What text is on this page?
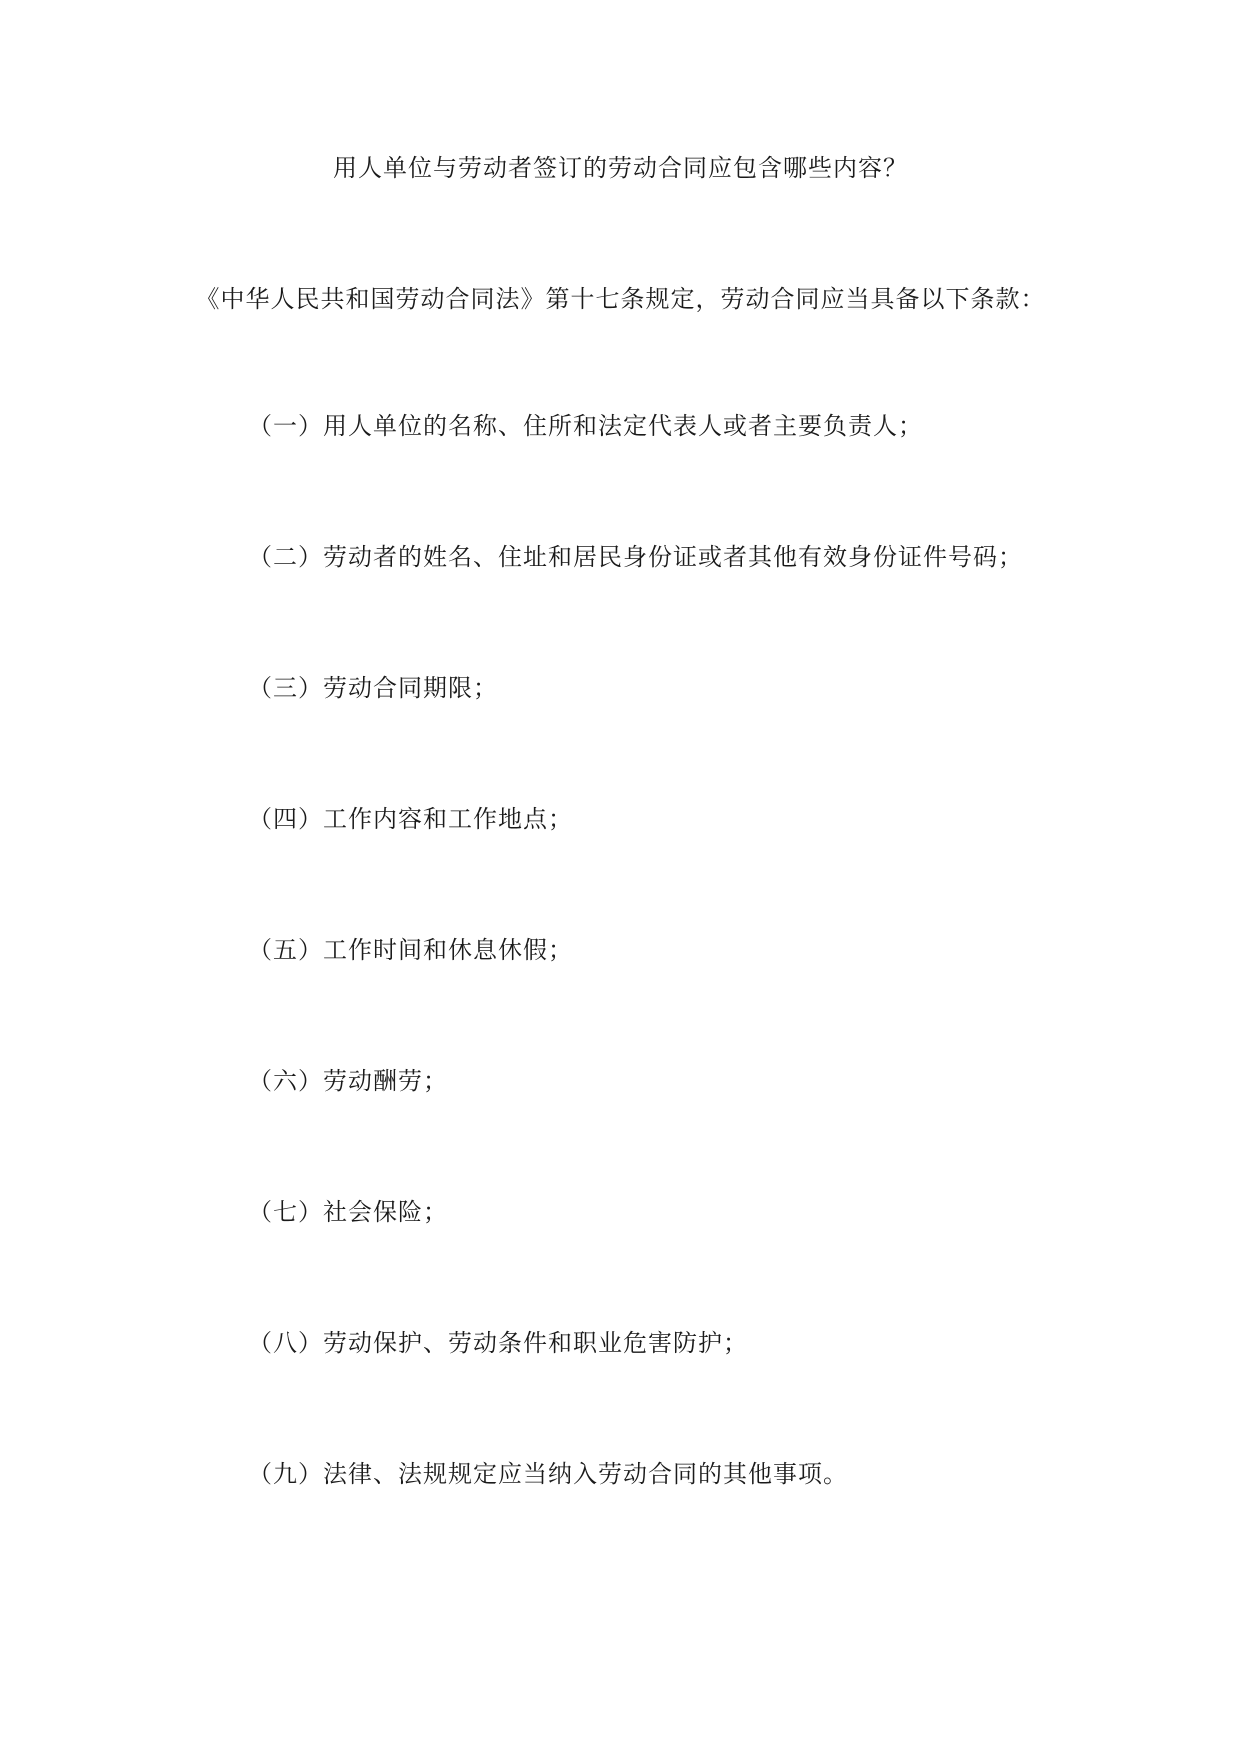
用人单位与劳动者签订的劳动合同应包含哪些内容？
《中华人民共和国劳动合同法》第十七条规定，劳动合同应当具备以下条款：
（一）用人单位的名称、住所和法定代表人或者主要负责人；
（二）劳动者的姓名、住址和居民身份证或者其他有效身份证件号码；
（三）劳动合同期限；
（四）工作内容和工作地点；
（五）工作时间和休息休假；
（六）劳动酬劳；
（七）社会保险；
（八）劳动保护、劳动条件和职业危害防护；
（九）法律、法规规定应当纳入劳动合同的其他事项。
